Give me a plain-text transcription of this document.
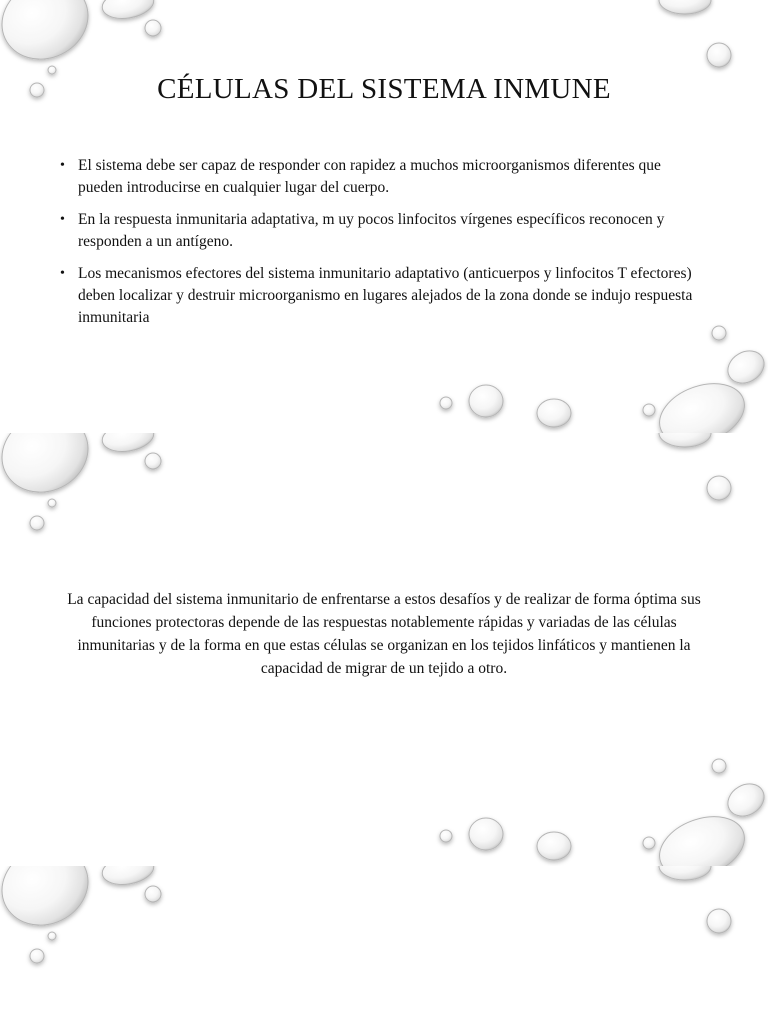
CÉLULAS DEL SISTEMA INMUNE
• El sistema debe ser capaz de responder con rapidez a muchos microorganismos diferentes que pueden introducirse en cualquier lugar del cuerpo.
• En la respuesta inmunitaria adaptativa, m uy pocos linfocitos vírgenes específicos reconocen y responden a un antígeno.
• Los mecanismos efectores del sistema inmunitario adaptativo (anticuerpos y linfocitos T efectores) deben localizar y destruir microorganismo en lugares alejados de la zona donde se indujo respuesta inmunitaria

La capacidad del sistema inmunitario de enfrentarse a estos desafíos y de realizar de forma óptima sus funciones protectoras depende de las respuestas notablemente rápidas y variadas de las células inmunitarias y de la forma en que estas células se organizan en los tejidos linfáticos y mantienen la capacidad de migrar de un tejido a otro.
